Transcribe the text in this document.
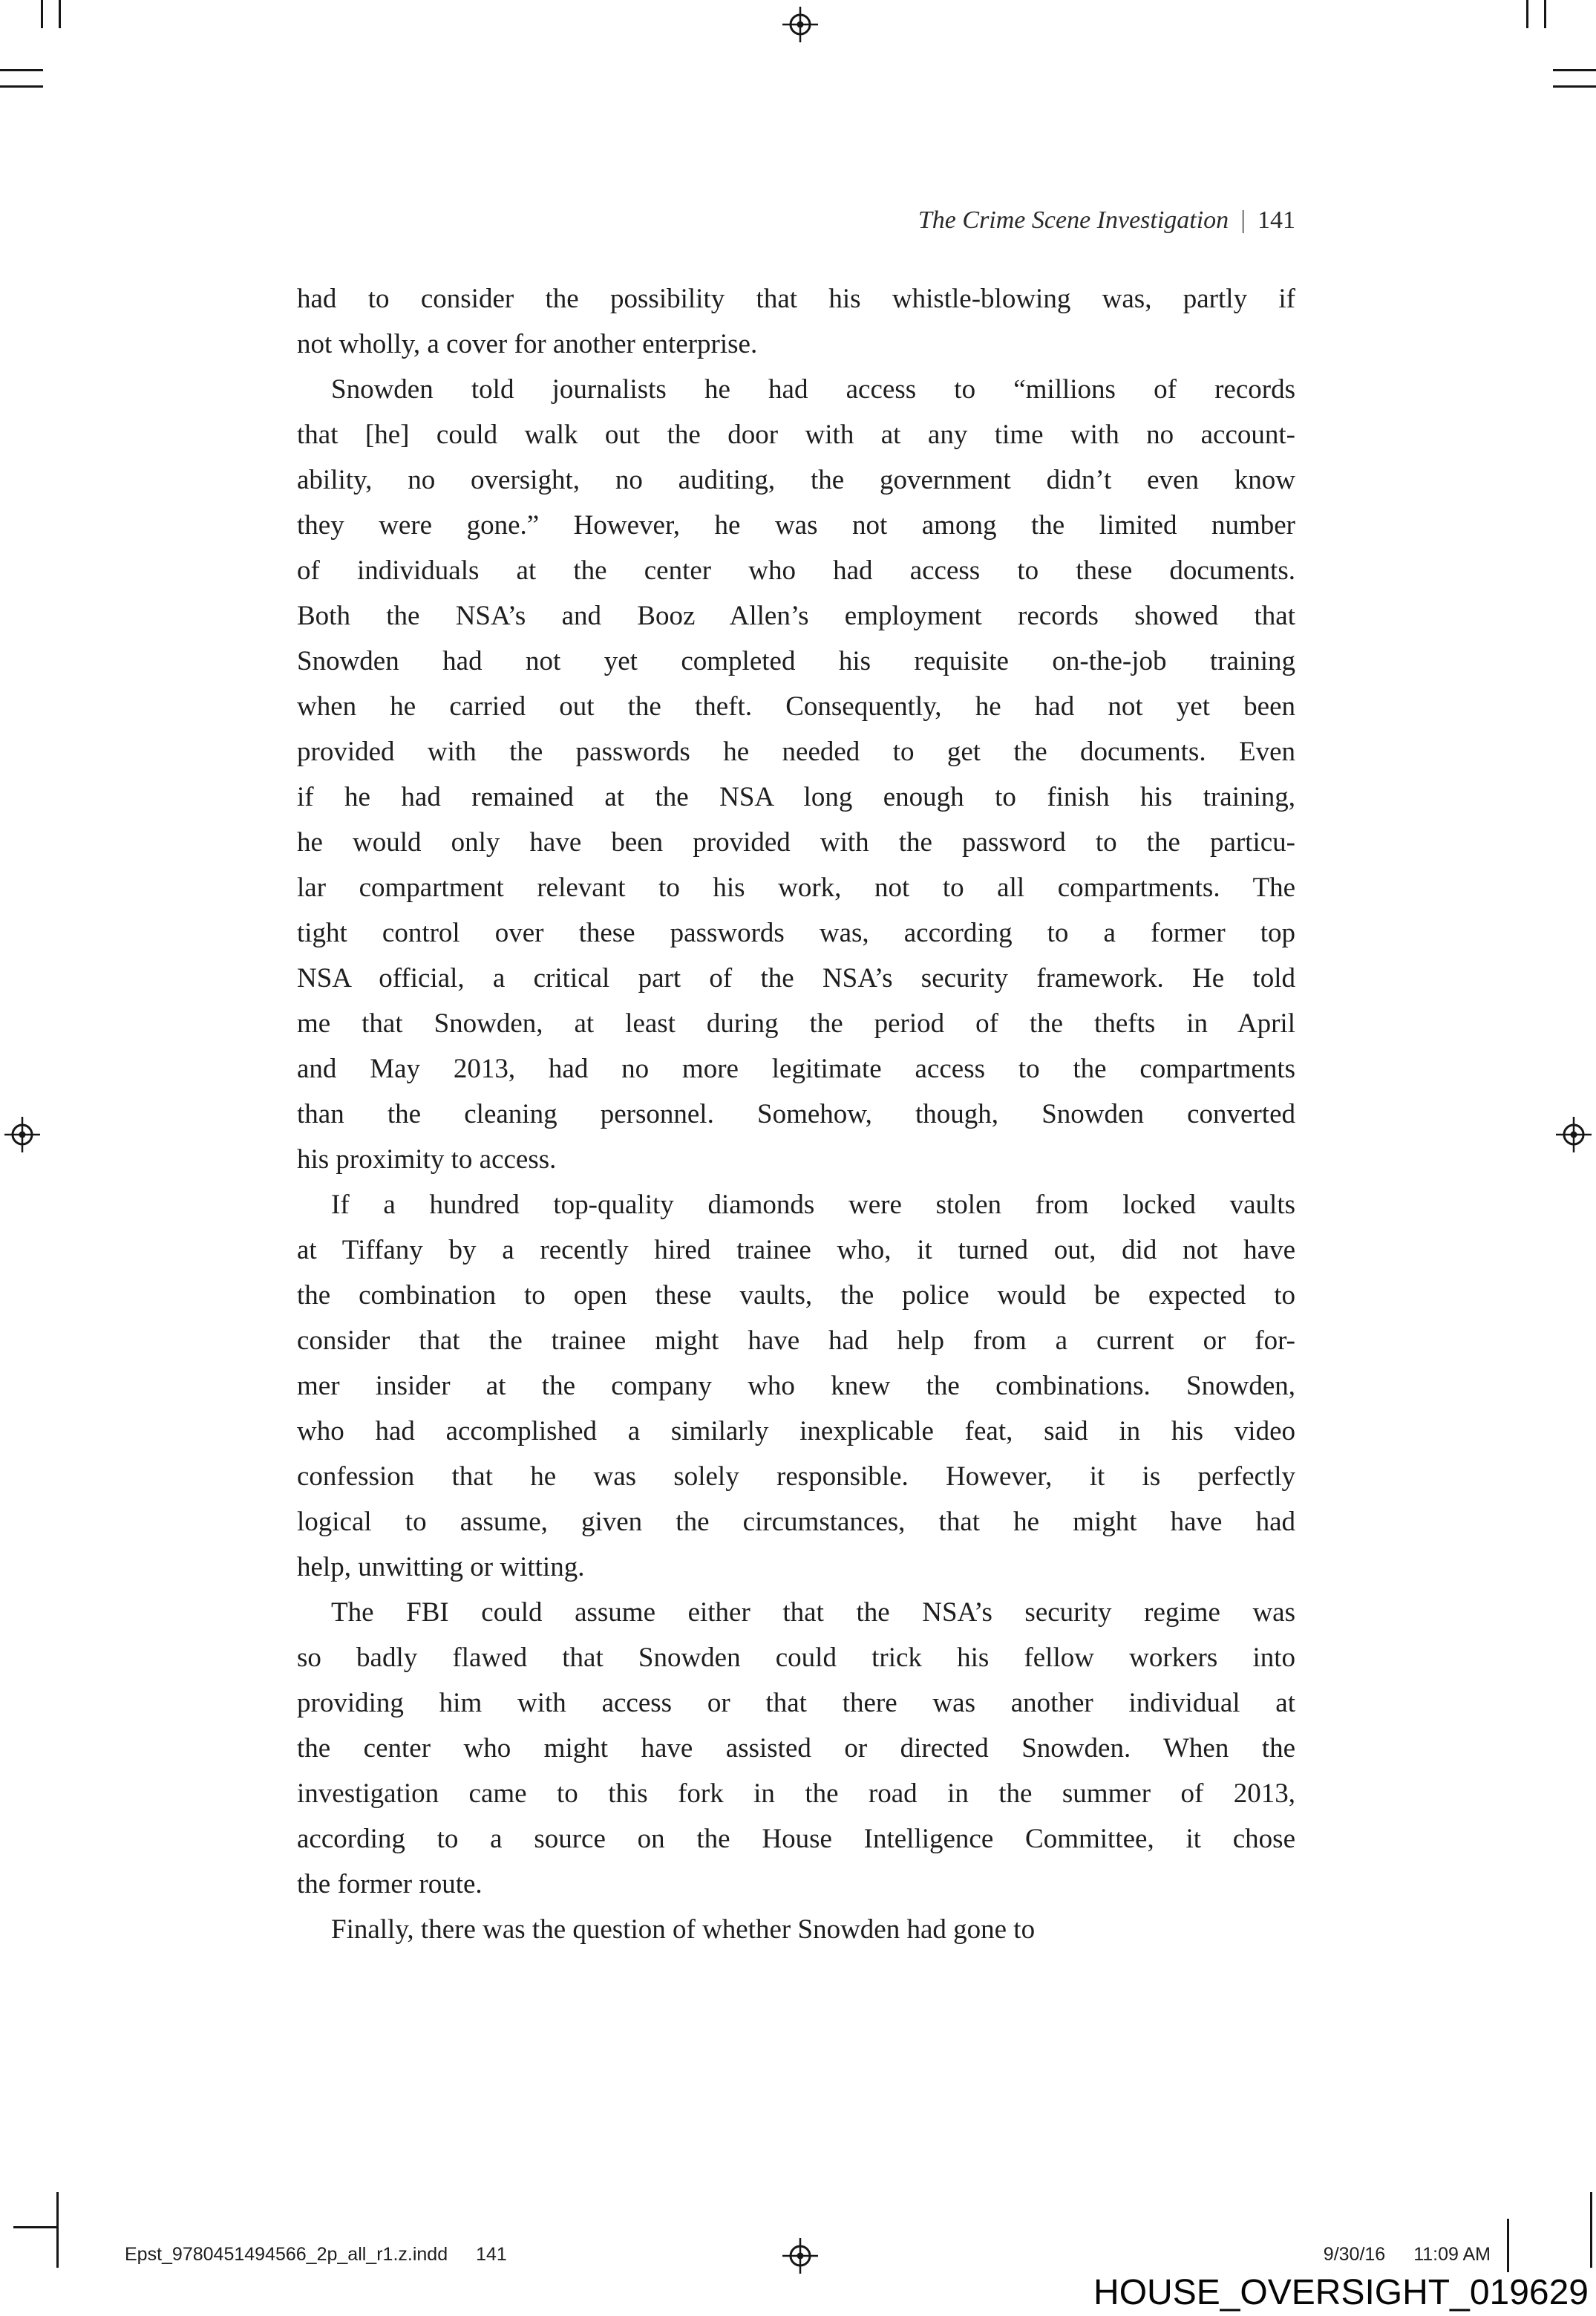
The Crime Scene Investigation | 141
had to consider the possibility that his whistle-blowing was, partly if
not wholly, a cover for another enterprise.
Snowden told journalists he had access to “millions of records
that [he] could walk out the door with at any time with no account-
ability, no oversight, no auditing, the government didn’t even know
they were gone.” However, he was not among the limited number
of individuals at the center who had access to these documents.
Both the NSA’s and Booz Allen’s employment records showed that
Snowden had not yet completed his requisite on-the-job training
when he carried out the theft. Consequently, he had not yet been
provided with the passwords he needed to get the documents. Even
if he had remained at the NSA long enough to finish his training,
he would only have been provided with the password to the particu-
lar compartment relevant to his work, not to all compartments. The
tight control over these passwords was, according to a former top
NSA official, a critical part of the NSA’s security framework. He told
me that Snowden, at least during the period of the thefts in April
and May 2013, had no more legitimate access to the compartments
than the cleaning personnel. Somehow, though, Snowden converted
his proximity to access.
If a hundred top-quality diamonds were stolen from locked vaults
at Tiffany by a recently hired trainee who, it turned out, did not have
the combination to open these vaults, the police would be expected to
consider that the trainee might have had help from a current or for-
mer insider at the company who knew the combinations. Snowden,
who had accomplished a similarly inexplicable feat, said in his video
confession that he was solely responsible. However, it is perfectly
logical to assume, given the circumstances, that he might have had
help, unwitting or witting.
The FBI could assume either that the NSA’s security regime was
so badly flawed that Snowden could trick his fellow workers into
providing him with access or that there was another individual at
the center who might have assisted or directed Snowden. When the
investigation came to this fork in the road in the summer of 2013,
according to a source on the House Intelligence Committee, it chose
the former route.
Finally, there was the question of whether Snowden had gone to
Epst_9780451494566_2p_all_r1.z.indd 141	9/30/16 11:09 AM
HOUSE_OVERSIGHT_019629
